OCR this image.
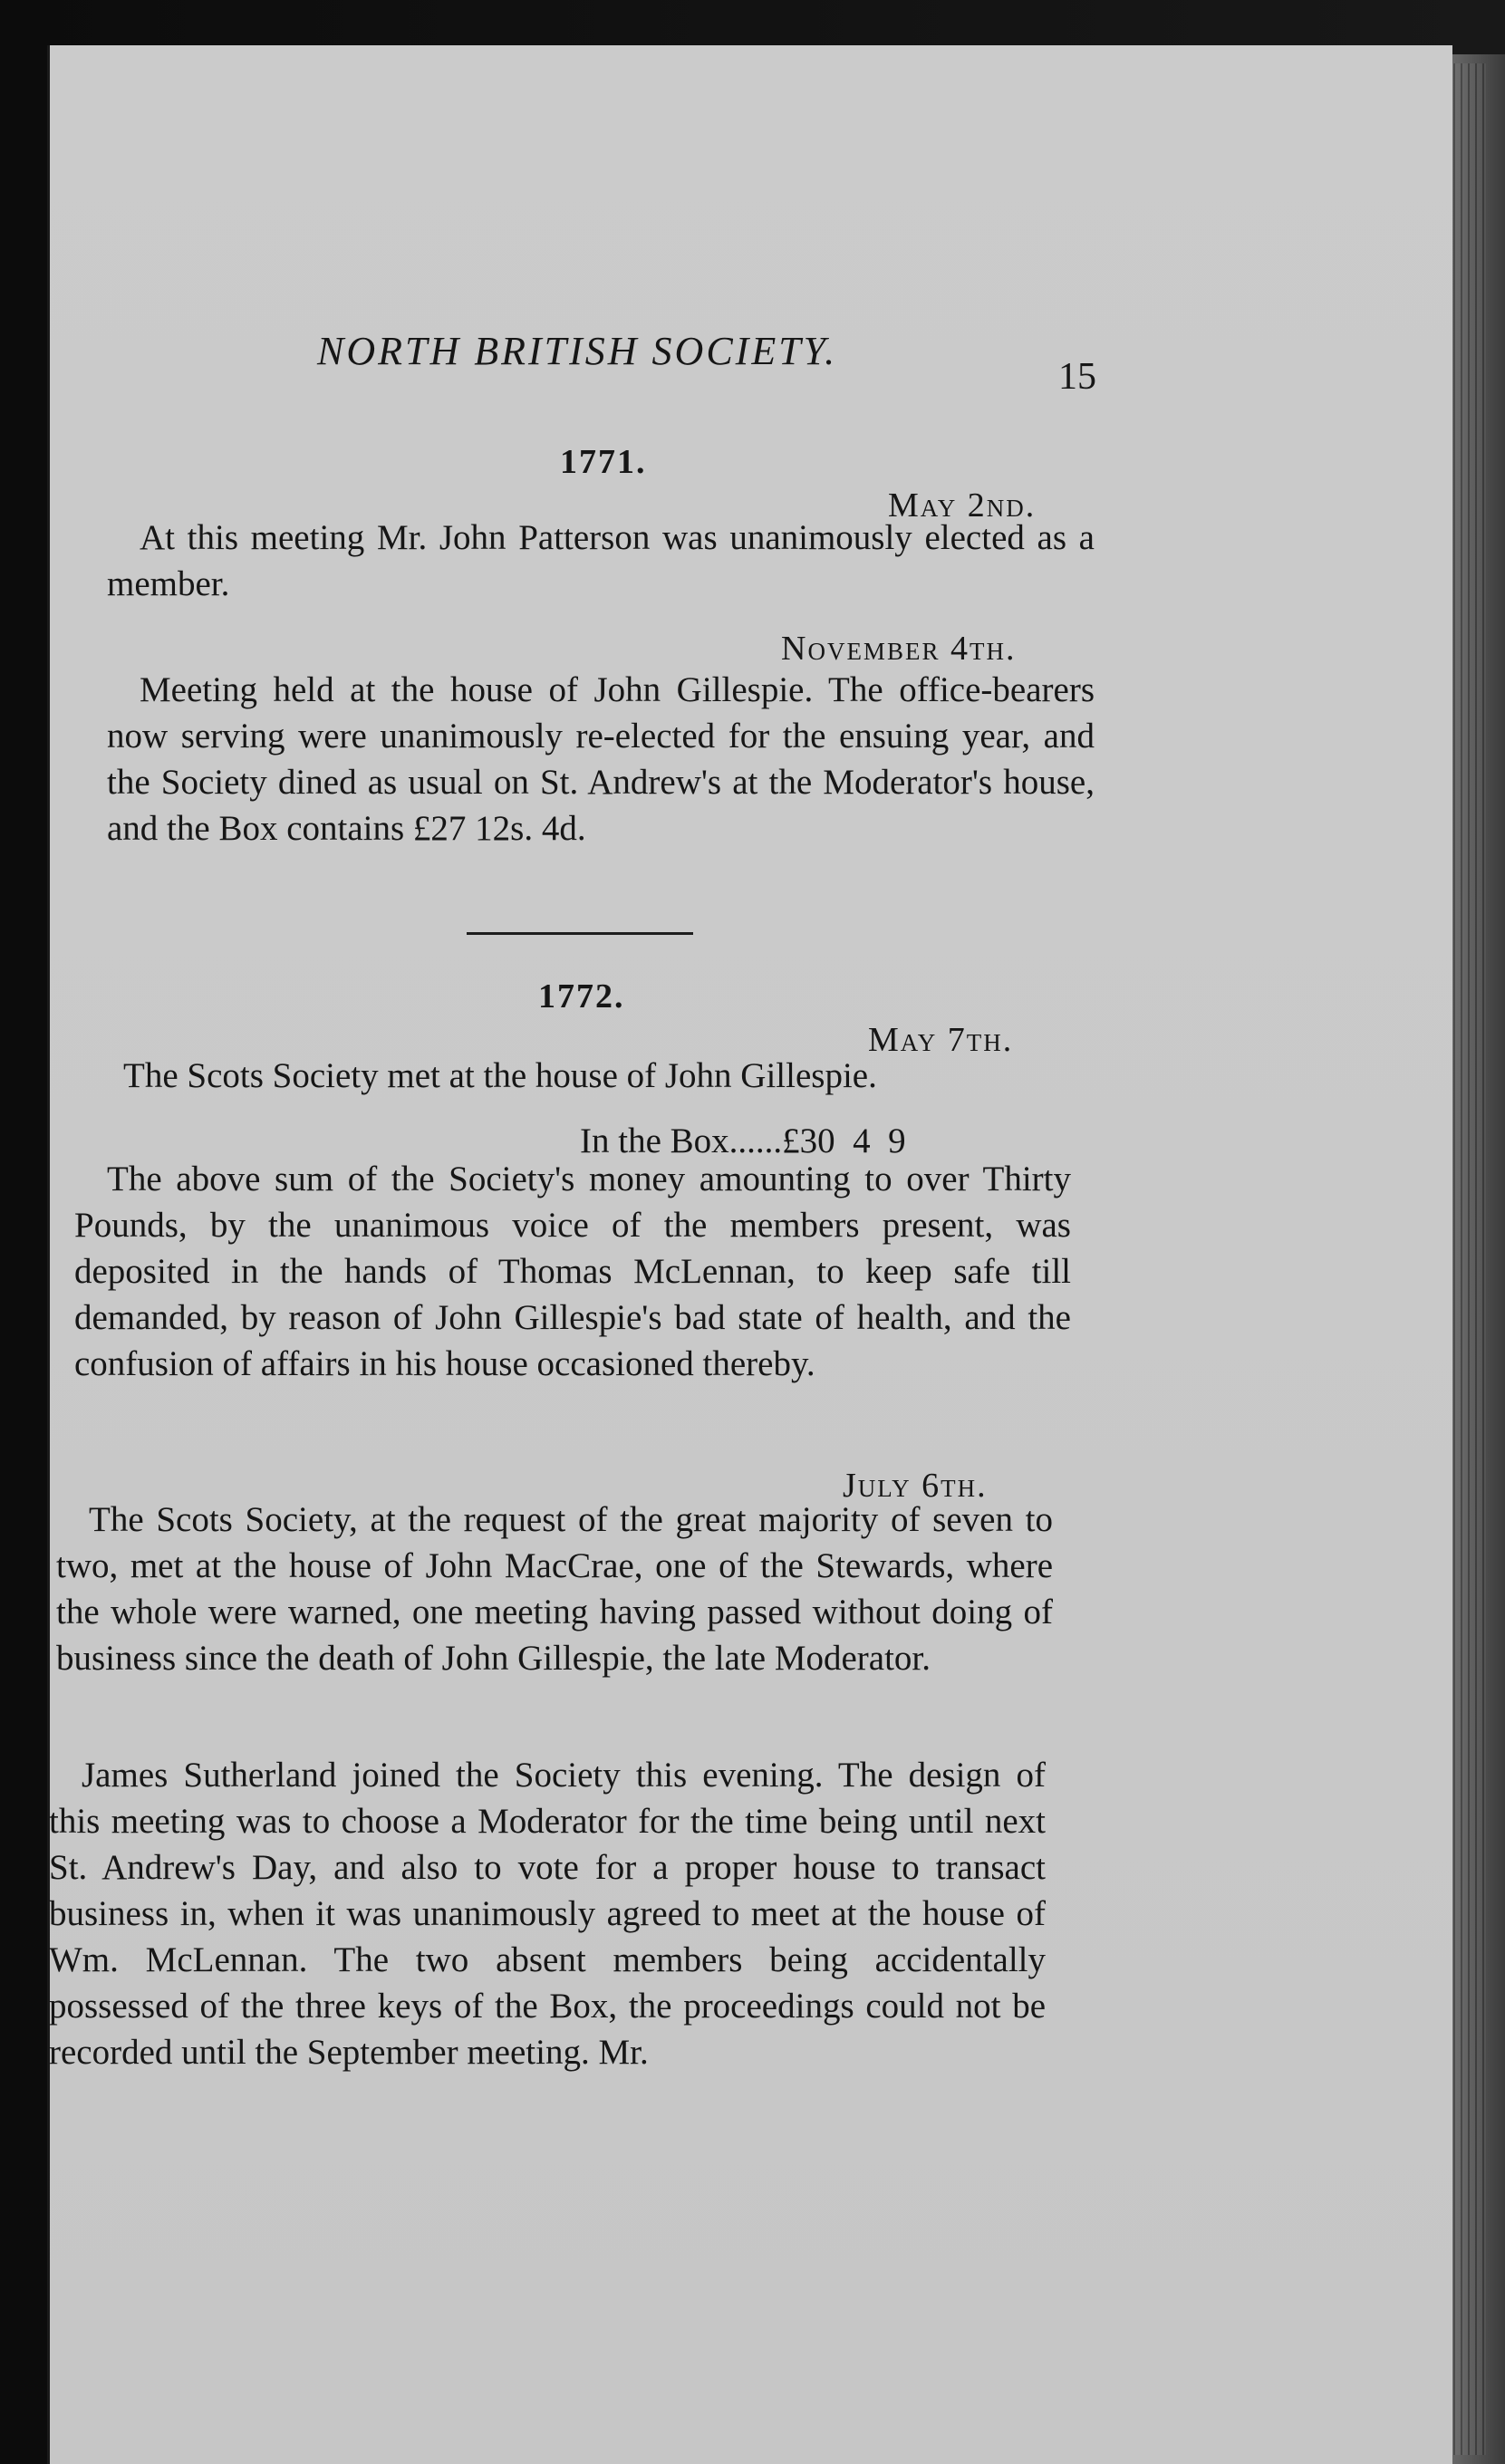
NORTH BRITISH SOCIETY.
15
1771.
May 2nd.
At this meeting Mr. John Patterson was unanimously elected as a member.
November 4th.
Meeting held at the house of John Gillespie. The office-bearers now serving were unanimously re-elected for the ensuing year, and the Society dined as usual on St. Andrew's at the Moderator's house, and the Box contains £27 12s. 4d.
1772.
May 7th.
The Scots Society met at the house of John Gillespie.
In the Box......£30  4  9
The above sum of the Society's money amounting to over Thirty Pounds, by the unanimous voice of the members present, was deposited in the hands of Thomas McLennan, to keep safe till demanded, by reason of John Gillespie's bad state of health, and the confusion of affairs in his house occasioned thereby.
July 6th.
The Scots Society, at the request of the great majority of seven to two, met at the house of John MacCrae, one of the Stewards, where the whole were warned, one meeting having passed without doing of business since the death of John Gillespie, the late Moderator.
James Sutherland joined the Society this evening. The design of this meeting was to choose a Moderator for the time being until next St. Andrew's Day, and also to vote for a proper house to transact business in, when it was unanimously agreed to meet at the house of Wm. McLennan. The two absent members being accidentally possessed of the three keys of the Box, the proceedings could not be recorded until the September meeting. Mr.
